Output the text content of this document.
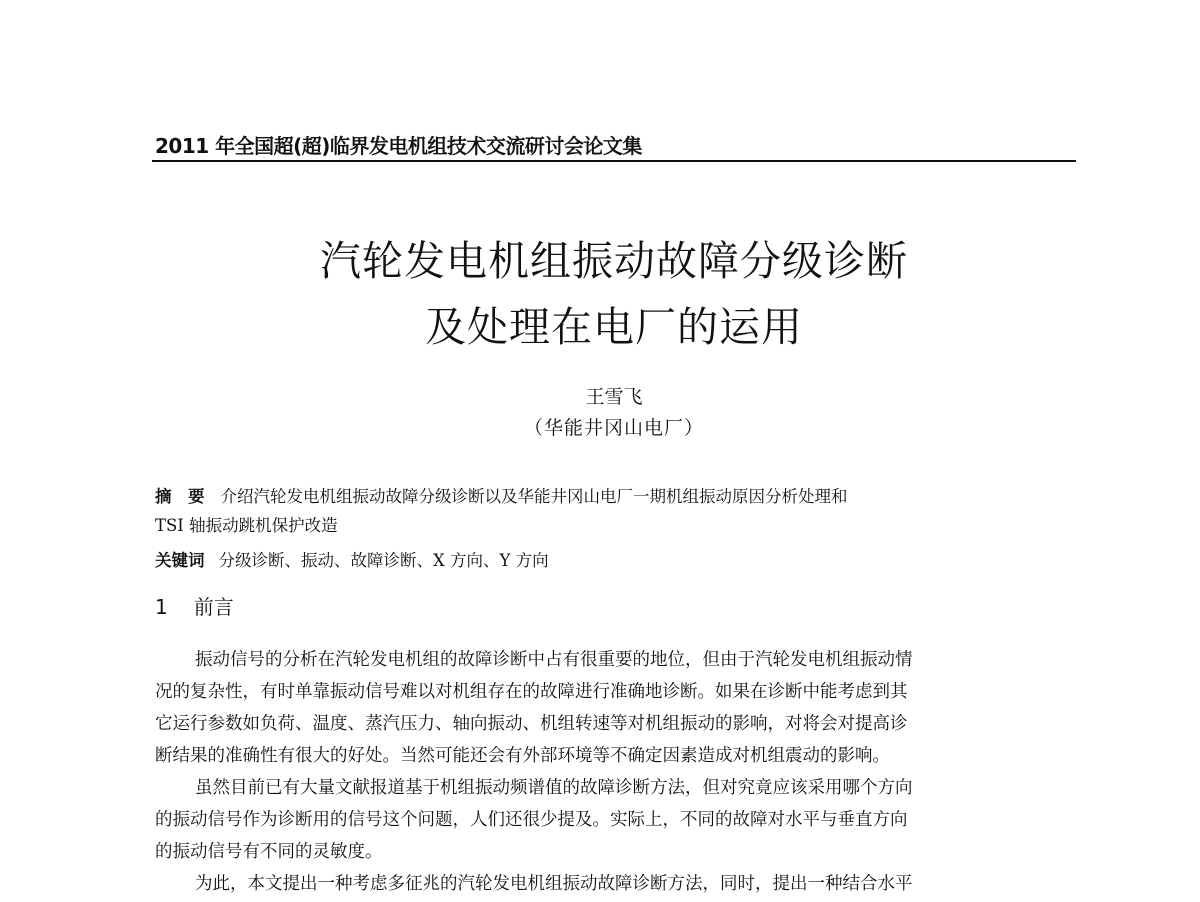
2011 年全国超(超)临界发电机组技术交流研讨会论文集
汽轮发电机组振动故障分级诊断
及处理在电厂的运用
王雪飞
（华能井冈山电厂）
摘　要 介绍汽轮发电机组振动故障分级诊断以及华能井冈山电厂一期机组振动原因分析处理和
TSI 轴振动跳机保护改造
关键词 分级诊断、振动、故障诊断、X 方向、Y 方向
1 前言
振动信号的分析在汽轮发电机组的故障诊断中占有很重要的地位，但由于汽轮发电机组振动情
况的复杂性，有时单靠振动信号难以对机组存在的故障进行准确地诊断。如果在诊断中能考虑到其
它运行参数如负荷、温度、蒸汽压力、轴向振动、机组转速等对机组振动的影响，对将会对提高诊
断结果的准确性有很大的好处。当然可能还会有外部环境等不确定因素造成对机组震动的影响。
虽然目前已有大量文献报道基于机组振动频谱值的故障诊断方法，但对究竟应该采用哪个方向
的振动信号作为诊断用的信号这个问题，人们还很少提及。实际上，不同的故障对水平与垂直方向
的振动信号有不同的灵敏度。
为此，本文提出一种考虑多征兆的汽轮发电机组振动故障诊断方法，同时，提出一种结合水平
